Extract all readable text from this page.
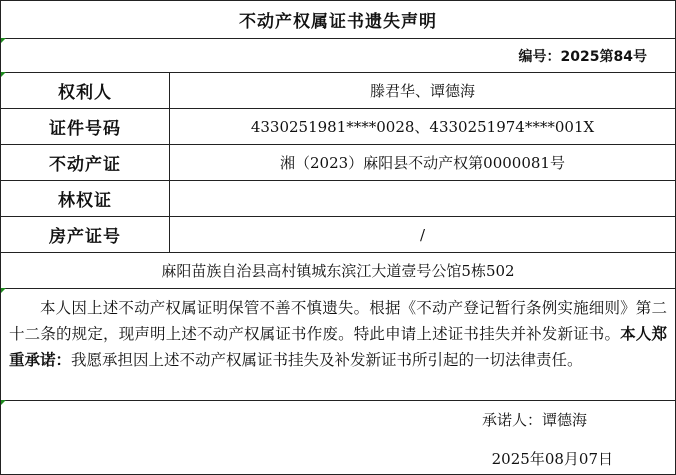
不动产权属证书遗失声明
编号：2025第84号
权利人	滕君华、谭德海
证件号码	4330251981****0028、4330251974****001X
不动产证	湘（2023）麻阳县不动产权第0000081号
林权证
房产证号	/
麻阳苗族自治县高村镇城东滨江大道壹号公馆5栋502
本人因上述不动产权属证明保管不善不慎遗失。根据《不动产登记暂行条例实施细则》第二十二条的规定，现声明上述不动产权属证书作废。特此申请上述证书挂失并补发新证书。本人郑重承诺：我愿承担因上述不动产权属证书挂失及补发新证书所引起的一切法律责任。
承诺人： 谭德海
2025年08月07日
